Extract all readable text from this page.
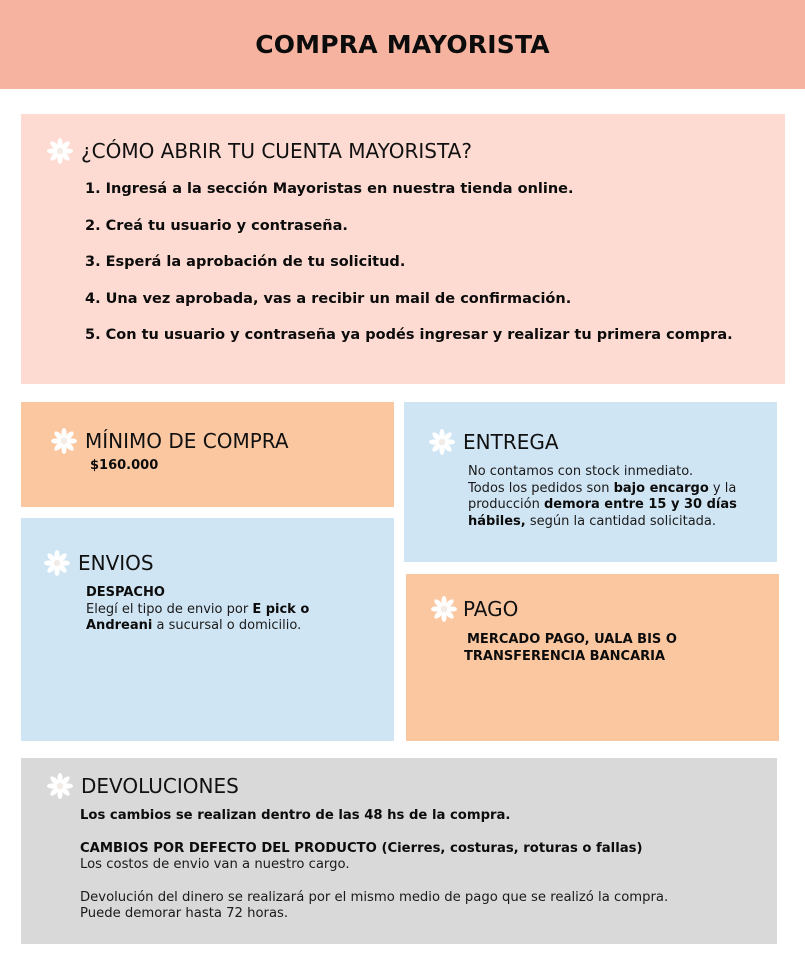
COMPRA MAYORISTA
¿CÓMO ABRIR TU CUENTA MAYORISTA?
1. Ingresá a la sección Mayoristas en nuestra tienda online.
2. Creá tu usuario y contraseña.
3. Esperá la aprobación de tu solicitud.
4. Una vez aprobada, vas a recibir un mail de confirmación.
5. Con tu usuario y contraseña ya podés ingresar y realizar tu primera compra.
MÍNIMO DE COMPRA
$160.000
ENTREGA
No contamos con stock inmediato.
Todos los pedidos son bajo encargo y la
producción demora entre 15 y 30 días
hábiles, según la cantidad solicitada.
ENVIOS
DESPACHO
Elegí el tipo de envio por E pick o
Andreani a sucursal o domicilio.
PAGO
MERCADO PAGO, UALA BIS O
TRANSFERENCIA BANCARIA
DEVOLUCIONES
Los cambios se realizan dentro de las 48 hs de la compra.
CAMBIOS POR DEFECTO DEL PRODUCTO (Cierres, costuras, roturas o fallas)
Los costos de envio van a nuestro cargo.
Devolución del dinero se realizará por el mismo medio de pago que se realizó la compra.
Puede demorar hasta 72 horas.
